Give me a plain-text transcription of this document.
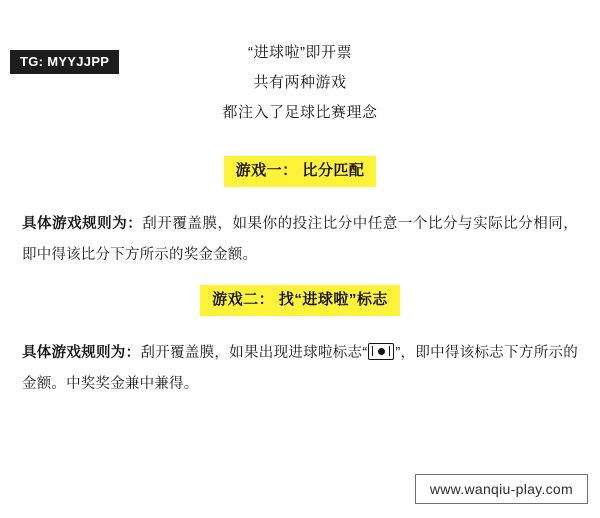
TG: MYYJJPP
“进球啦”即开票
共有两种游戏
都注入了足球比赛理念
游戏一： 比分匹配

具体游戏规则为：刮开覆盖膜，如果你的投注比分中任意一个比分与实际比分相同，即中得该比分下方所示的奖金金额。

游戏二： 找“进球啦”标志

具体游戏规则为：刮开覆盖膜，如果出现进球啦标志“ ”，即中得该标志下方所示的金额。中奖奖金兼中兼得。

www.wanqiu-play.com
